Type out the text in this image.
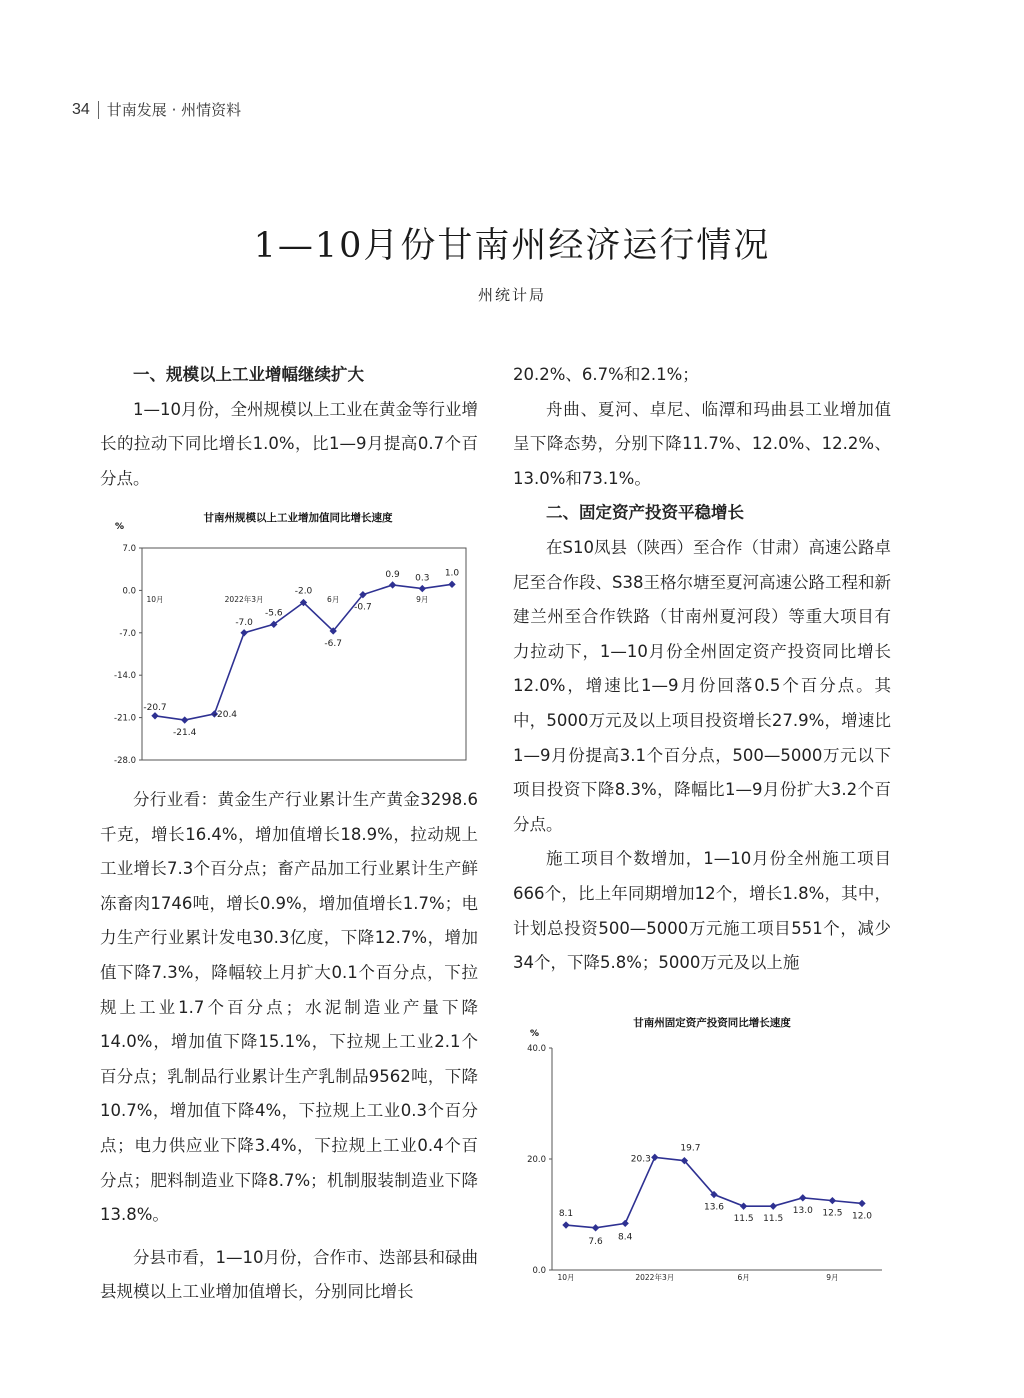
34 甘南发展 · 州情资料
1—10月份甘南州经济运行情况
州统计局
一、规模以上工业增幅继续扩大

1—10月份，全州规模以上工业在黄金等行业增长的拉动下同比增长1.0%，比1—9月提高0.7个百分点。

甘南州规模以上工业增加值同比增长速度
%
7.0
0.0
-7.0
-14.0
-21.0
-28.0
10月	2022年3月	6月	9月
-20.7
-21.4
-20.4
-7.0
-5.6
-2.0
-6.7
-0.7
0.9 0.3
1.0

分行业看：黄金生产行业累计生产黄金3298.6千克，增长16.4%，增加值增长18.9%，拉动规上工业增长7.3个百分点；畜产品加工行业累计生产鲜冻畜肉1746吨，增长0.9%，增加值增长1.7%；电力生产行业累计发电30.3亿度，下降12.7%，增加值下降7.3%，降幅较上月扩大0.1个百分点，下拉规上工业1.7个百分点；水泥制造业产量下降14.0%，增加值下降15.1%，下拉规上工业2.1个百分点；乳制品行业累计生产乳制品9562吨，下降10.7%，增加值下降4%，下拉规上工业0.3个百分点；电力供应业下降3.4%，下拉规上工业0.4个百分点；肥料制造业下降8.7%；机制服装制造业下降13.8%。

分县市看，1—10月份，合作市、迭部县和碌曲县规模以上工业增加值增长，分别同比增长

20.2%、6.7%和2.1%；

舟曲、夏河、卓尼、临潭和玛曲县工业增加值呈下降态势，分别下降11.7%、12.0%、12.2%、13.0%和73.1%。

二、固定资产投资平稳增长

在S10凤县（陕西）至合作（甘肃）高速公路卓尼至合作段、S38王格尔塘至夏河高速公路工程和新建兰州至合作铁路（甘南州夏河段）等重大项目有力拉动下，1—10月份全州固定资产投资同比增长12.0%，增速比1—9月份回落0.5个百分点。其中，5000万元及以上项目投资增长27.9%，增速比1—9月份提高3.1个百分点，500—5000万元以下项目投资下降8.3%，降幅比1—9月份扩大3.2个百分点。

施工项目个数增加，1—10月份全州施工项目666个，比上年同期增加12个，增长1.8%，其中，计划总投资500—5000万元施工项目551个，减少34个，下降5.8%；5000万元及以上施

甘南州固定资产投资同比增长速度
%
40.0
20.0
0.0
10月	2022年3月	6月	9月
8.1
7.6 8.4
20.3
19.7
13.6
11.5 11.5
13.0 12.5 12.0
